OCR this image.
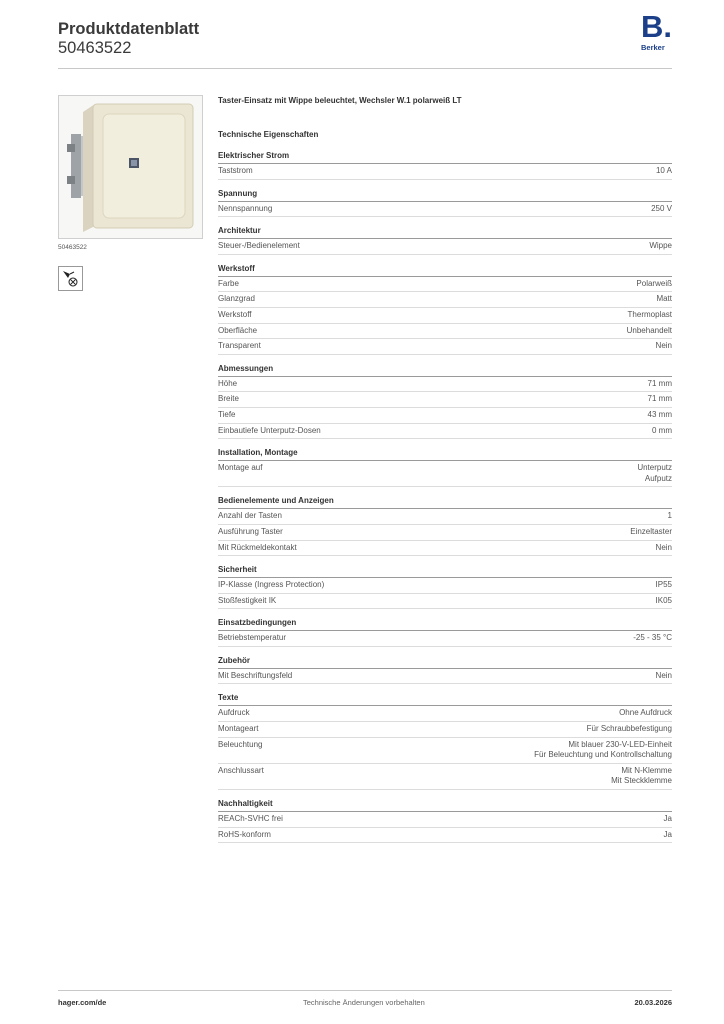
Produktdatenblatt
50463522
B.
Berker
50463522
Taster-Einsatz mit Wippe beleuchtet, Wechsler W.1 polarweiß LT
Technische Eigenschaften
Elektrischer Strom
Taststrom	10 A
Spannung
Nennspannung	250 V
Architektur
Steuer-/Bedienelement	Wippe
Werkstoff
Farbe	Polarweiß
Glanzgrad	Matt
Werkstoff	Thermoplast
Oberfläche	Unbehandelt
Transparent	Nein
Abmessungen
Höhe	71 mm
Breite	71 mm
Tiefe	43 mm
Einbautiefe Unterputz-Dosen	0 mm
Installation, Montage
Montage auf	Unterputz
Aufputz
Bedienelemente und Anzeigen
Anzahl der Tasten	1
Ausführung Taster	Einzeltaster
Mit Rückmeldekontakt	Nein
Sicherheit
IP-Klasse (Ingress Protection)	IP55
Stoßfestigkeit IK	IK05
Einsatzbedingungen
Betriebstemperatur	-25 - 35 °C
Zubehör
Mit Beschriftungsfeld	Nein
Texte
Aufdruck	Ohne Aufdruck
Montageart	Für Schraubbefestigung
Beleuchtung	Mit blauer 230-V-LED-Einheit
Für Beleuchtung und Kontrollschaltung
Anschlussart	Mit N-Klemme
Mit Steckklemme
Nachhaltigkeit
REACh-SVHC frei	Ja
RoHS-konform	Ja
hager.com/de	Technische Änderungen vorbehalten	20.03.2026
